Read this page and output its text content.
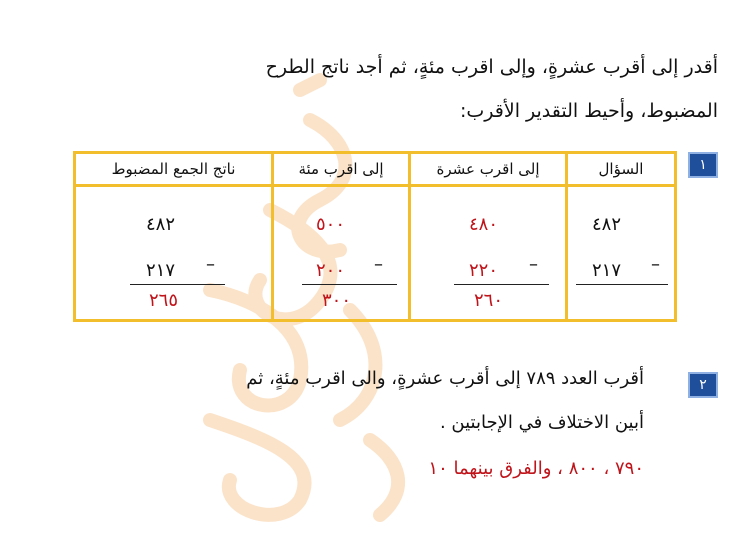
أقدر إلى أقرب عشرةٍ، وإلى اقرب مئةٍ، ثم أجد ناتج الطرح
المضبوط، وأحيط التقدير الأقرب:
١
السؤال
إلى اقرب عشرة
إلى اقرب مئة
ناتج الجمع المضبوط
٤٨٢
–
٢١٧
٤٨٠
–
٢٢٠
٢٦٠
٥٠٠
–
٢٠٠
٣٠٠
٤٨٢
–
٢١٧
٢٦٥
٢
أقرب العدد ٧٨٩ إلى أقرب عشرةٍ، والى اقرب مئةٍ، ثم
أبين الاختلاف في الإجابتين .
٧٩٠ ، ٨٠٠ ، والفرق بينهما ١٠
